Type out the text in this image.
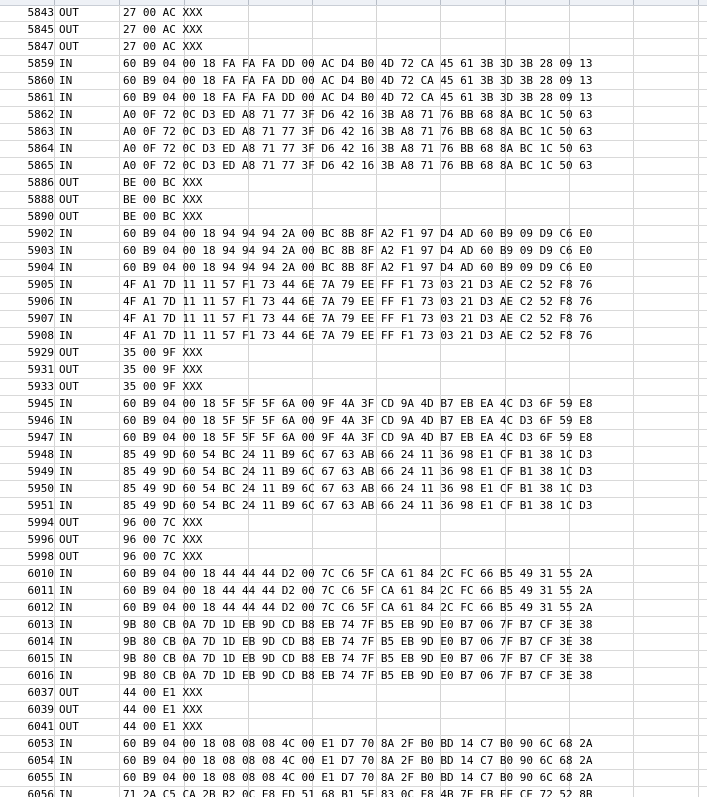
5843 OUT	27 00 AC XXX
5845 OUT	27 00 AC XXX
5847 OUT	27 00 AC XXX
5859 IN	60 B9 04 00 18 FA FA FA DD 00 AC D4 B0 4D 72 CA 45 61 3B 3D 3B 28 09 13
5860 IN	60 B9 04 00 18 FA FA FA DD 00 AC D4 B0 4D 72 CA 45 61 3B 3D 3B 28 09 13
5861 IN	60 B9 04 00 18 FA FA FA DD 00 AC D4 B0 4D 72 CA 45 61 3B 3D 3B 28 09 13
5862 IN	A0 0F 72 0C D3 ED A8 71 77 3F D6 42 16 3B A8 71 76 BB 68 8A BC 1C 50 63
5863 IN	A0 0F 72 0C D3 ED A8 71 77 3F D6 42 16 3B A8 71 76 BB 68 8A BC 1C 50 63
5864 IN	A0 0F 72 0C D3 ED A8 71 77 3F D6 42 16 3B A8 71 76 BB 68 8A BC 1C 50 63
5865 IN	A0 0F 72 0C D3 ED A8 71 77 3F D6 42 16 3B A8 71 76 BB 68 8A BC 1C 50 63
5886 OUT	BE 00 BC XXX
5888 OUT	BE 00 BC XXX
5890 OUT	BE 00 BC XXX
5902 IN	60 B9 04 00 18 94 94 94 2A 00 BC 8B 8F A2 F1 97 D4 AD 60 B9 09 D9 C6 E0
5903 IN	60 B9 04 00 18 94 94 94 2A 00 BC 8B 8F A2 F1 97 D4 AD 60 B9 09 D9 C6 E0
5904 IN	60 B9 04 00 18 94 94 94 2A 00 BC 8B 8F A2 F1 97 D4 AD 60 B9 09 D9 C6 E0
5905 IN	4F A1 7D 11 11 57 F1 73 44 6E 7A 79 EE FF F1 73 03 21 D3 AE C2 52 F8 76
5906 IN	4F A1 7D 11 11 57 F1 73 44 6E 7A 79 EE FF F1 73 03 21 D3 AE C2 52 F8 76
5907 IN	4F A1 7D 11 11 57 F1 73 44 6E 7A 79 EE FF F1 73 03 21 D3 AE C2 52 F8 76
5908 IN	4F A1 7D 11 11 57 F1 73 44 6E 7A 79 EE FF F1 73 03 21 D3 AE C2 52 F8 76
5929 OUT	35 00 9F XXX
5931 OUT	35 00 9F XXX
5933 OUT	35 00 9F XXX
5945 IN	60 B9 04 00 18 5F 5F 5F 6A 00 9F 4A 3F CD 9A 4D B7 EB EA 4C D3 6F 59 E8
5946 IN	60 B9 04 00 18 5F 5F 5F 6A 00 9F 4A 3F CD 9A 4D B7 EB EA 4C D3 6F 59 E8
5947 IN	60 B9 04 00 18 5F 5F 5F 6A 00 9F 4A 3F CD 9A 4D B7 EB EA 4C D3 6F 59 E8
5948 IN	85 49 9D 60 54 BC 24 11 B9 6C 67 63 AB 66 24 11 36 98 E1 CF B1 38 1C D3
5949 IN	85 49 9D 60 54 BC 24 11 B9 6C 67 63 AB 66 24 11 36 98 E1 CF B1 38 1C D3
5950 IN	85 49 9D 60 54 BC 24 11 B9 6C 67 63 AB 66 24 11 36 98 E1 CF B1 38 1C D3
5951 IN	85 49 9D 60 54 BC 24 11 B9 6C 67 63 AB 66 24 11 36 98 E1 CF B1 38 1C D3
5994 OUT	96 00 7C XXX
5996 OUT	96 00 7C XXX
5998 OUT	96 00 7C XXX
6010 IN	60 B9 04 00 18 44 44 44 D2 00 7C C6 5F CA 61 84 2C FC 66 B5 49 31 55 2A
6011 IN	60 B9 04 00 18 44 44 44 D2 00 7C C6 5F CA 61 84 2C FC 66 B5 49 31 55 2A
6012 IN	60 B9 04 00 18 44 44 44 D2 00 7C C6 5F CA 61 84 2C FC 66 B5 49 31 55 2A
6013 IN	9B 80 CB 0A 7D 1D EB 9D CD B8 EB 74 7F B5 EB 9D E0 B7 06 7F B7 CF 3E 38
6014 IN	9B 80 CB 0A 7D 1D EB 9D CD B8 EB 74 7F B5 EB 9D E0 B7 06 7F B7 CF 3E 38
6015 IN	9B 80 CB 0A 7D 1D EB 9D CD B8 EB 74 7F B5 EB 9D E0 B7 06 7F B7 CF 3E 38
6016 IN	9B 80 CB 0A 7D 1D EB 9D CD B8 EB 74 7F B5 EB 9D E0 B7 06 7F B7 CF 3E 38
6037 OUT	44 00 E1 XXX
6039 OUT	44 00 E1 XXX
6041 OUT	44 00 E1 XXX
6053 IN	60 B9 04 00 18 08 08 08 4C 00 E1 D7 70 8A 2F B0 BD 14 C7 B0 90 6C 68 2A
6054 IN	60 B9 04 00 18 08 08 08 4C 00 E1 D7 70 8A 2F B0 BD 14 C7 B0 90 6C 68 2A
6055 IN	60 B9 04 00 18 08 08 08 4C 00 E1 D7 70 8A 2F B0 BD 14 C7 B0 90 6C 68 2A
6056 IN	71 2A C5 CA 2B B2 0C E8 ED 51 68 B1 5E 83 0C E8 4B 7E EB EE CE 72 52 8B
